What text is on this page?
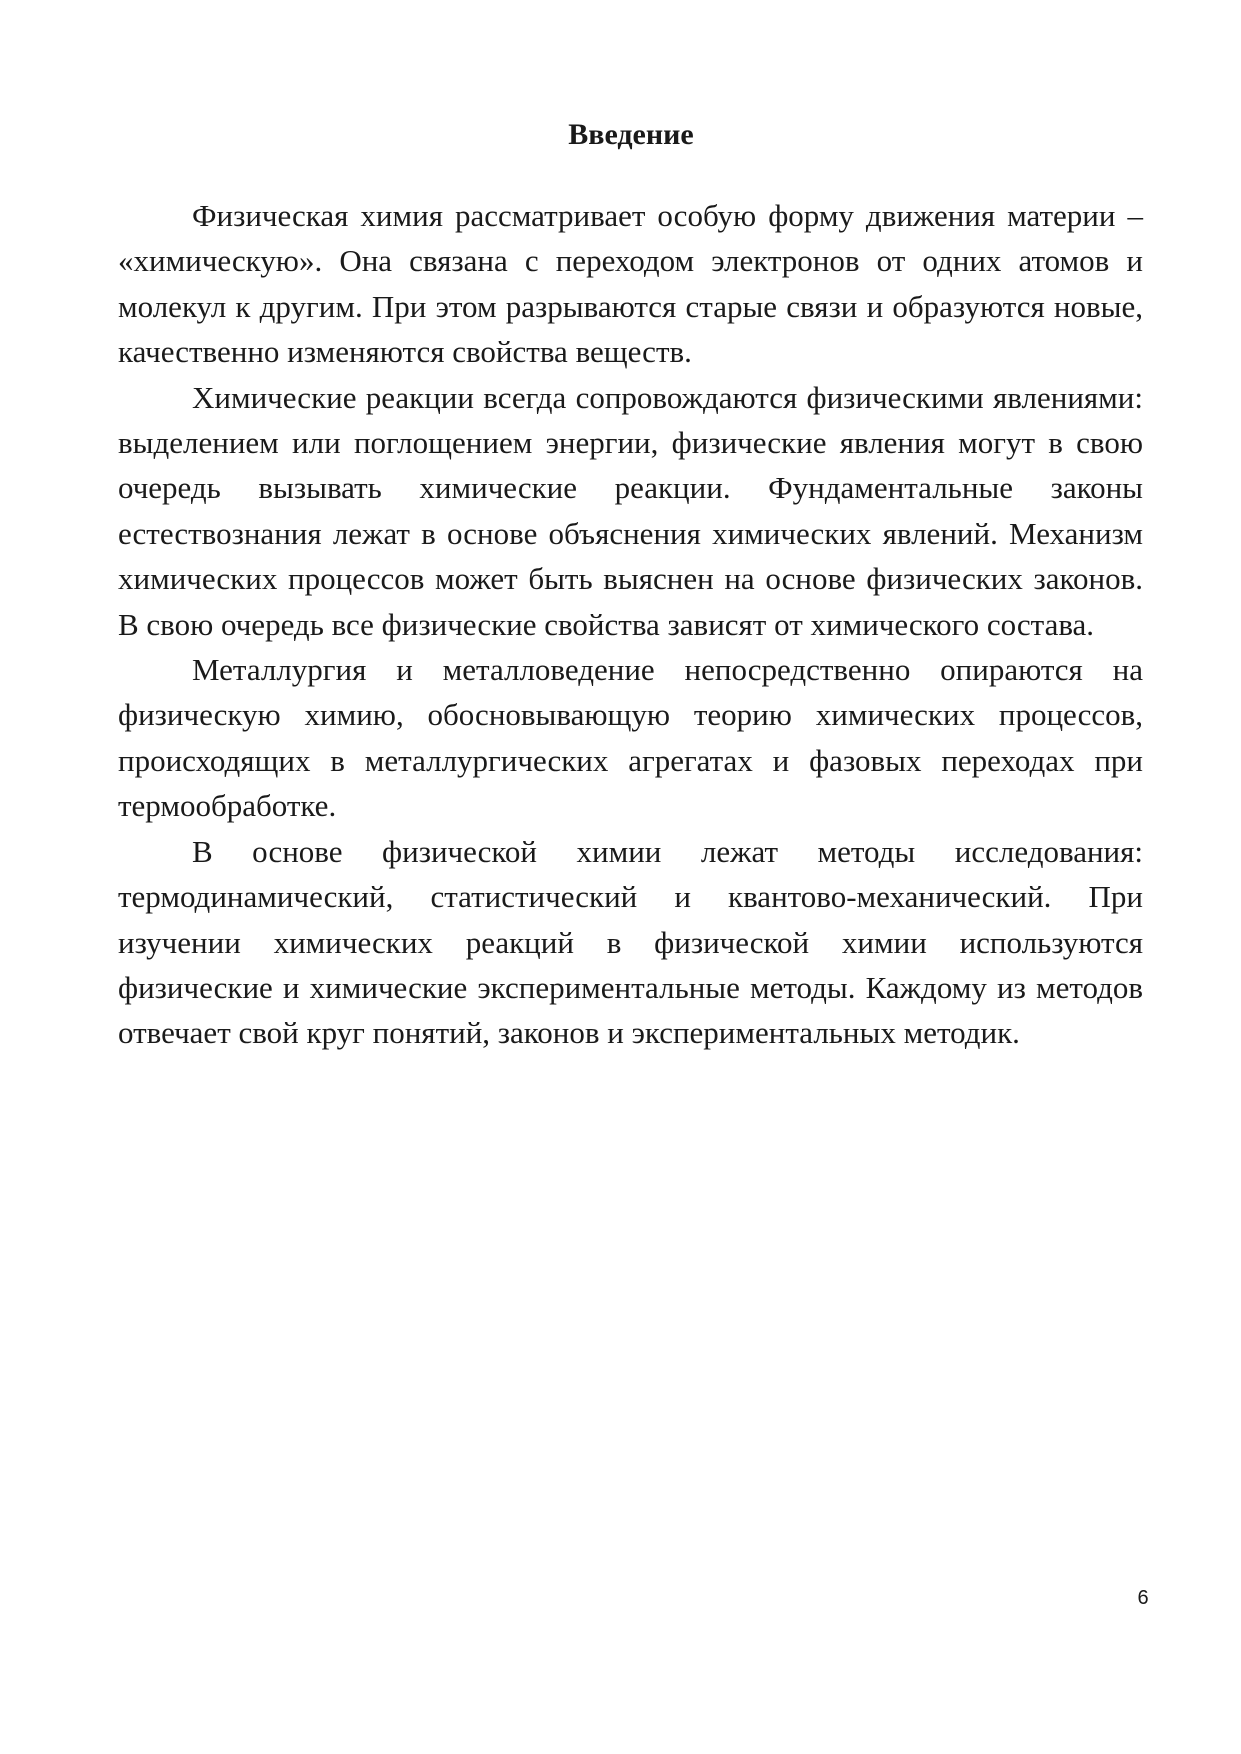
Введение

Физическая химия рассматривает особую форму движения материи – «химическую». Она связана с переходом электронов от одних атомов и молекул к другим. При этом разрываются старые связи и образуются новые, качественно изменяются свойства веществ.

Химические реакции всегда сопровождаются физическими явлениями: выделением или поглощением энергии, физические явления могут в свою очередь вызывать химические реакции. Фундаментальные законы естествознания лежат в основе объяснения химических явлений. Механизм химических процессов может быть выяснен на основе физических законов. В свою очередь все физические свойства зависят от химического состава.

Металлургия и металловедение непосредственно опираются на физическую химию, обосновывающую теорию химических процессов, происходящих в металлургических агрегатах и фазовых переходах при термообработке.

В основе физической химии лежат методы исследования: термодинамический, статистический и квантово-механический. При изучении химических реакций в физической химии используются физические и химические экспериментальные методы. Каждому из методов отвечает свой круг понятий, законов и экспериментальных методик.

6
